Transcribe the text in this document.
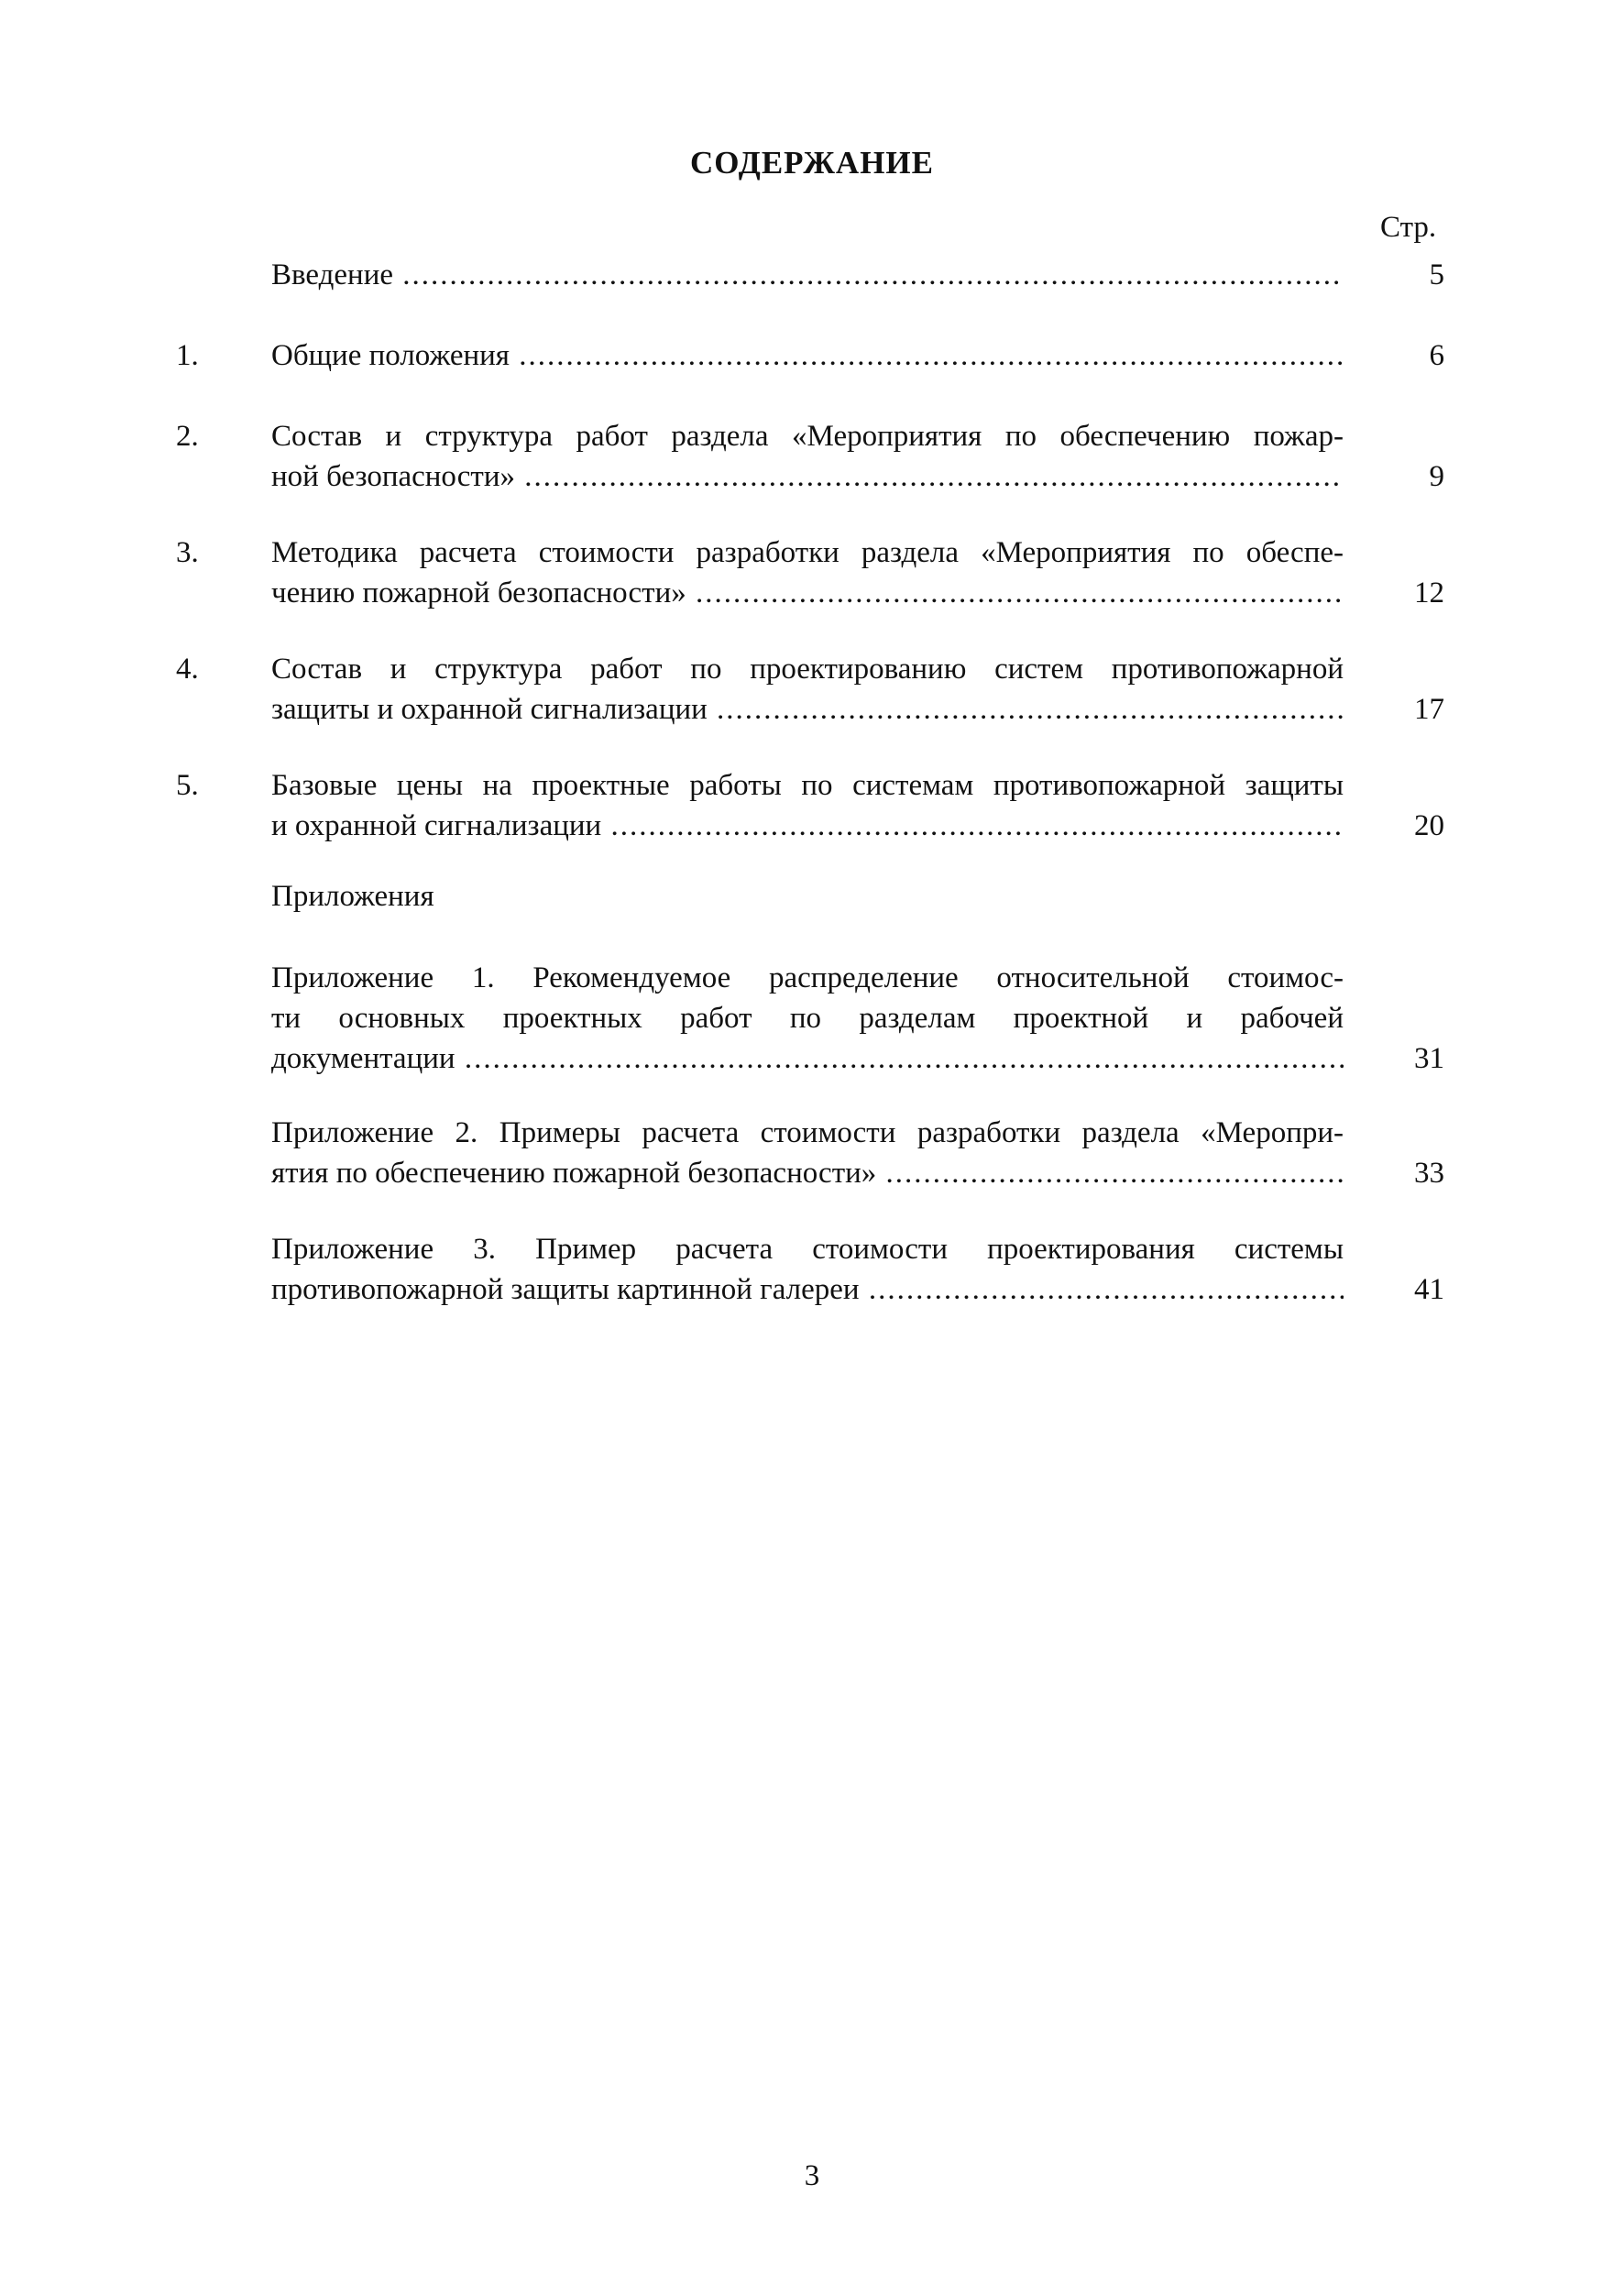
СОДЕРЖАНИЕ
Стр.
Введение .....	5
1. Общие положения .....	6
2. Состав и структура работ раздела «Мероприятия по обеспечению пожар-
ной безопасности» .....	9
3. Методика расчета стоимости разработки раздела «Мероприятия по обеспе-
чению пожарной безопасности» .....	12
4. Состав и структура работ по проектированию систем противопожарной
защиты и охранной сигнализации .....	17
5. Базовые цены на проектные работы по системам противопожарной защиты
и охранной сигнализации .....	20
Приложения
Приложение 1. Рекомендуемое распределение относительной стоимос-
ти основных проектных работ по разделам проектной и рабочей
документации .....	31
Приложение 2. Примеры расчета стоимости разработки раздела «Меропри-
ятия по обеспечению пожарной безопасности» .....	33
Приложение 3. Пример расчета стоимости проектирования системы
противопожарной защиты картинной галереи .....	41
3
